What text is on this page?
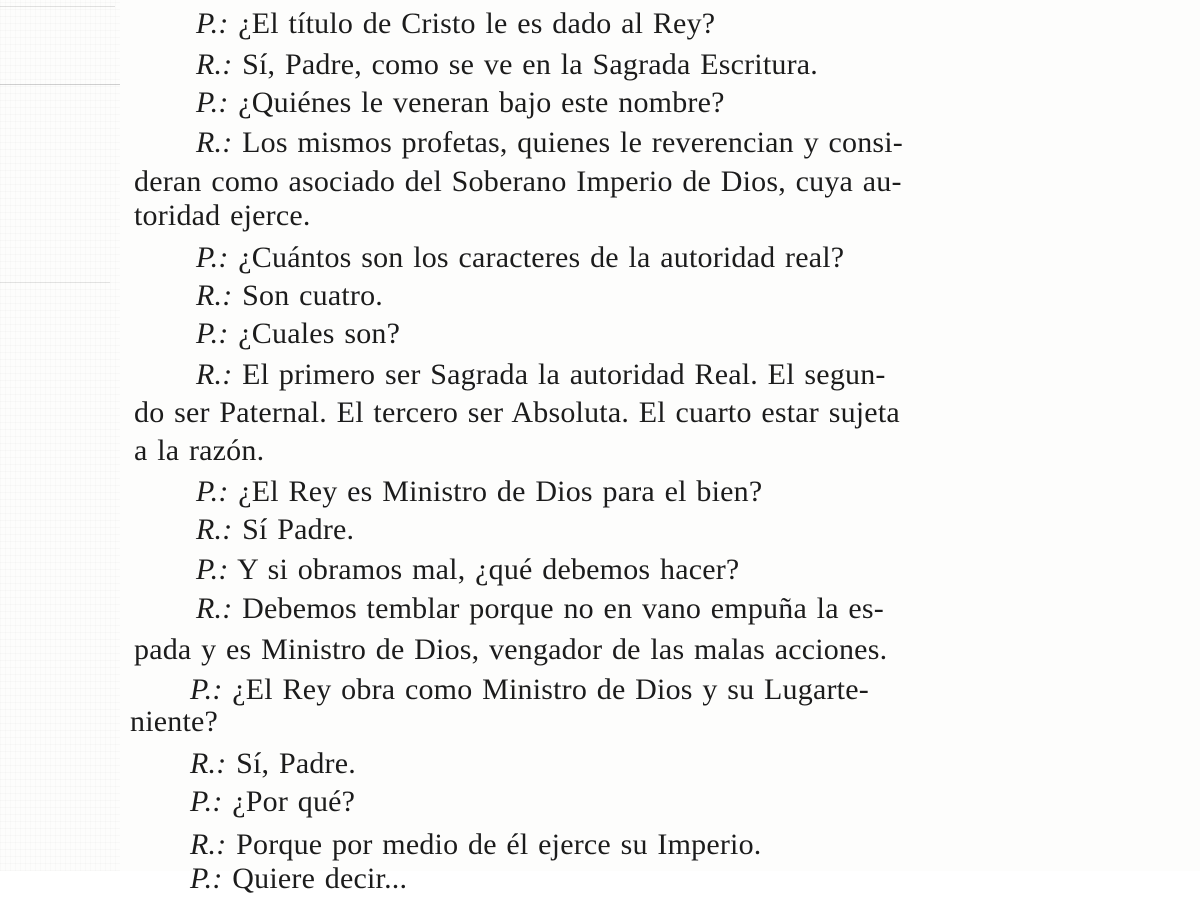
P.: ¿El título de Cristo le es dado al Rey?
R.: Sí, Padre, como se ve en la Sagrada Escritura.
P.: ¿Quiénes le veneran bajo este nombre?
R.: Los mismos profetas, quienes le reverencian y consi-
deran como asociado del Soberano Imperio de Dios, cuya au-
toridad ejerce.
P.: ¿Cuántos son los caracteres de la autoridad real?
R.: Son cuatro.
P.: ¿Cuales son?
R.: El primero ser Sagrada la autoridad Real. El segun-
do ser Paternal. El tercero ser Absoluta. El cuarto estar sujeta
a la razón.
P.: ¿El Rey es Ministro de Dios para el bien?
R.: Sí Padre.
P.: Y si obramos mal, ¿qué debemos hacer?
R.: Debemos temblar porque no en vano empuña la es-
pada y es Ministro de Dios, vengador de las malas acciones.
P.: ¿El Rey obra como Ministro de Dios y su Lugarte-
niente?
R.: Sí, Padre.
P.: ¿Por qué?
R.: Porque por medio de él ejerce su Imperio.
P.: Quiere decir...
